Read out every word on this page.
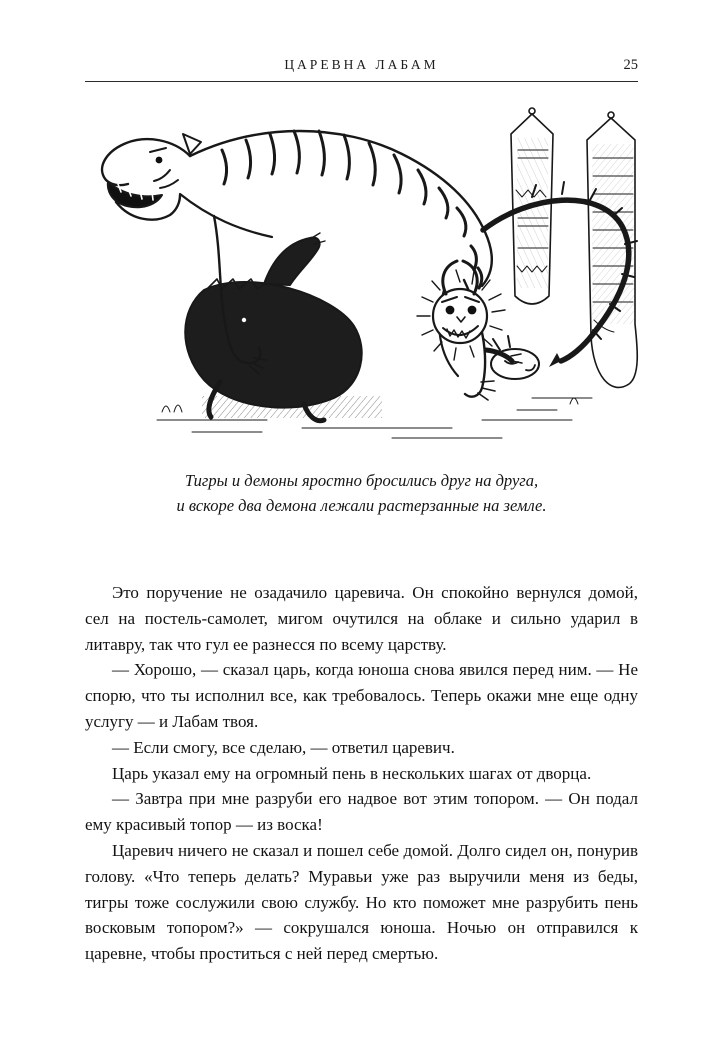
ЦАРЕВНА ЛАБАМ	25
Тигры и демоны яростно бросились друг на друга,
и вскоре два демона лежали растерзанные на земле.

Это поручение не озадачило царевича. Он спокойно вернулся домой, сел на постель-самолет, мигом очутился на облаке и сильно ударил в литавру, так что гул ее разнесся по всему царству.

— Хорошо, — сказал царь, когда юноша снова явился перед ним. — Не спорю, что ты исполнил все, как требовалось. Теперь окажи мне еще одну услугу — и Лабам твоя.

— Если смогу, все сделаю, — ответил царевич.

Царь указал ему на огромный пень в нескольких шагах от дворца.

— Завтра при мне разруби его надвое вот этим топором. — Он подал ему красивый топор — из воска!

Царевич ничего не сказал и пошел себе домой. Долго сидел он, понурив голову. «Что теперь делать? Муравьи уже раз выручили меня из беды, тигры тоже сослужили свою службу. Но кто поможет мне разрубить пень восковым топором?» — сокрушался юноша. Ночью он отправился к царевне, чтобы проститься с ней перед смертью.
